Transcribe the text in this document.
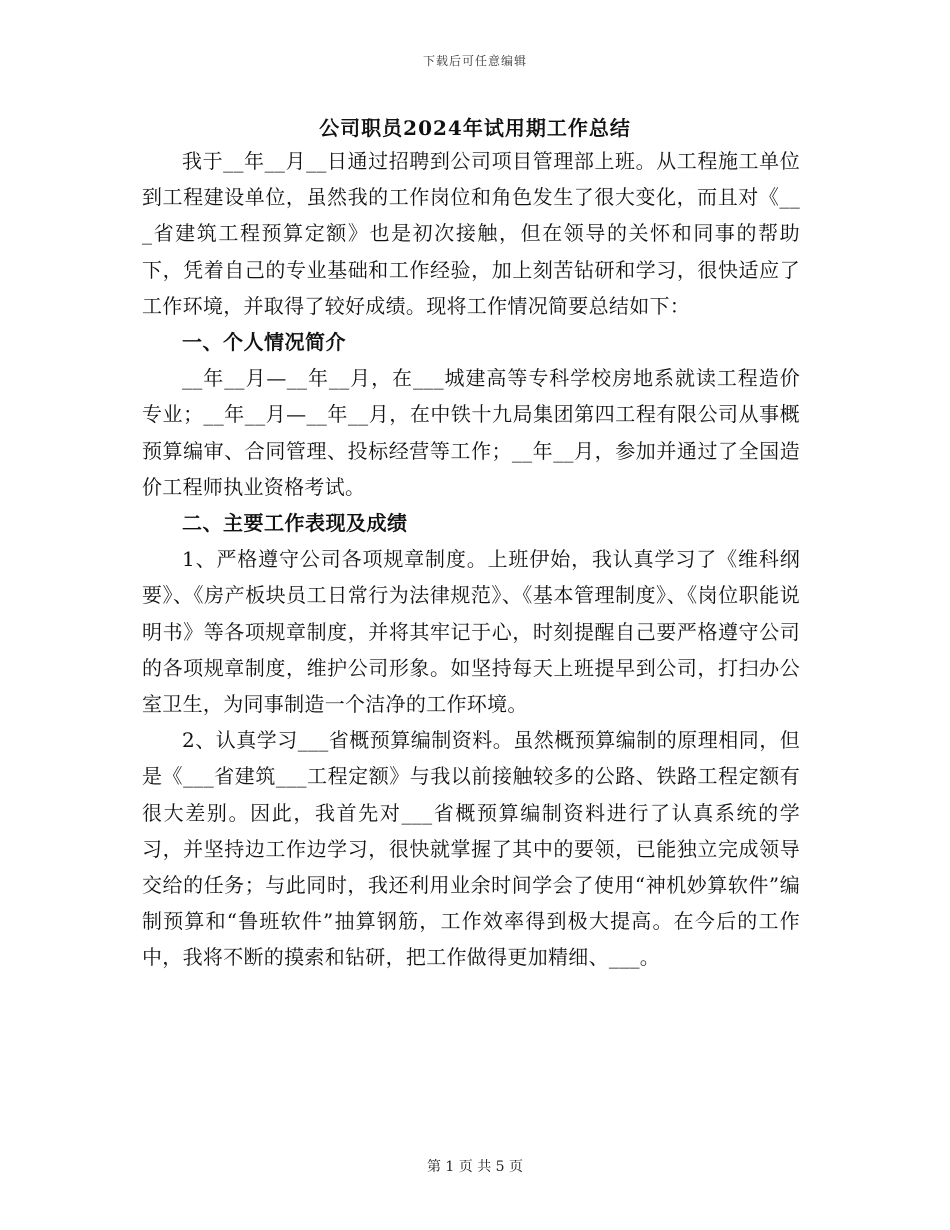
下载后可任意编辑
公司职员2024年试用期工作总结

我于__年__月__日通过招聘到公司项目管理部上班。从工程施工单位到工程建设单位，虽然我的工作岗位和角色发生了很大变化，而且对《___省建筑工程预算定额》也是初次接触，但在领导的关怀和同事的帮助下，凭着自己的专业基础和工作经验，加上刻苦钻研和学习，很快适应了工作环境，并取得了较好成绩。现将工作情况简要总结如下：

一、个人情况简介

__年__月—__年__月，在___城建高等专科学校房地系就读工程造价专业；__年__月—__年__月，在中铁十九局集团第四工程有限公司从事概预算编审、合同管理、投标经营等工作；__年__月，参加并通过了全国造价工程师执业资格考试。

二、主要工作表现及成绩

1、严格遵守公司各项规章制度。上班伊始，我认真学习了《维科纲要》、《房产板块员工日常行为法律规范》、《基本管理制度》、《岗位职能说明书》等各项规章制度，并将其牢记于心，时刻提醒自己要严格遵守公司的各项规章制度，维护公司形象。如坚持每天上班提早到公司，打扫办公室卫生，为同事制造一个洁净的工作环境。

2、认真学习___省概预算编制资料。虽然概预算编制的原理相同，但是《___省建筑___工程定额》与我以前接触较多的公路、铁路工程定额有很大差别。因此，我首先对___省概预算编制资料进行了认真系统的学习，并坚持边工作边学习，很快就掌握了其中的要领，已能独立完成领导交给的任务；与此同时，我还利用业余时间学会了使用“神机妙算软件”编制预算和“鲁班软件”抽算钢筋，工作效率得到极大提高。在今后的工作中，我将不断的摸索和钻研，把工作做得更加精细、___。

第 1 页 共 5 页
